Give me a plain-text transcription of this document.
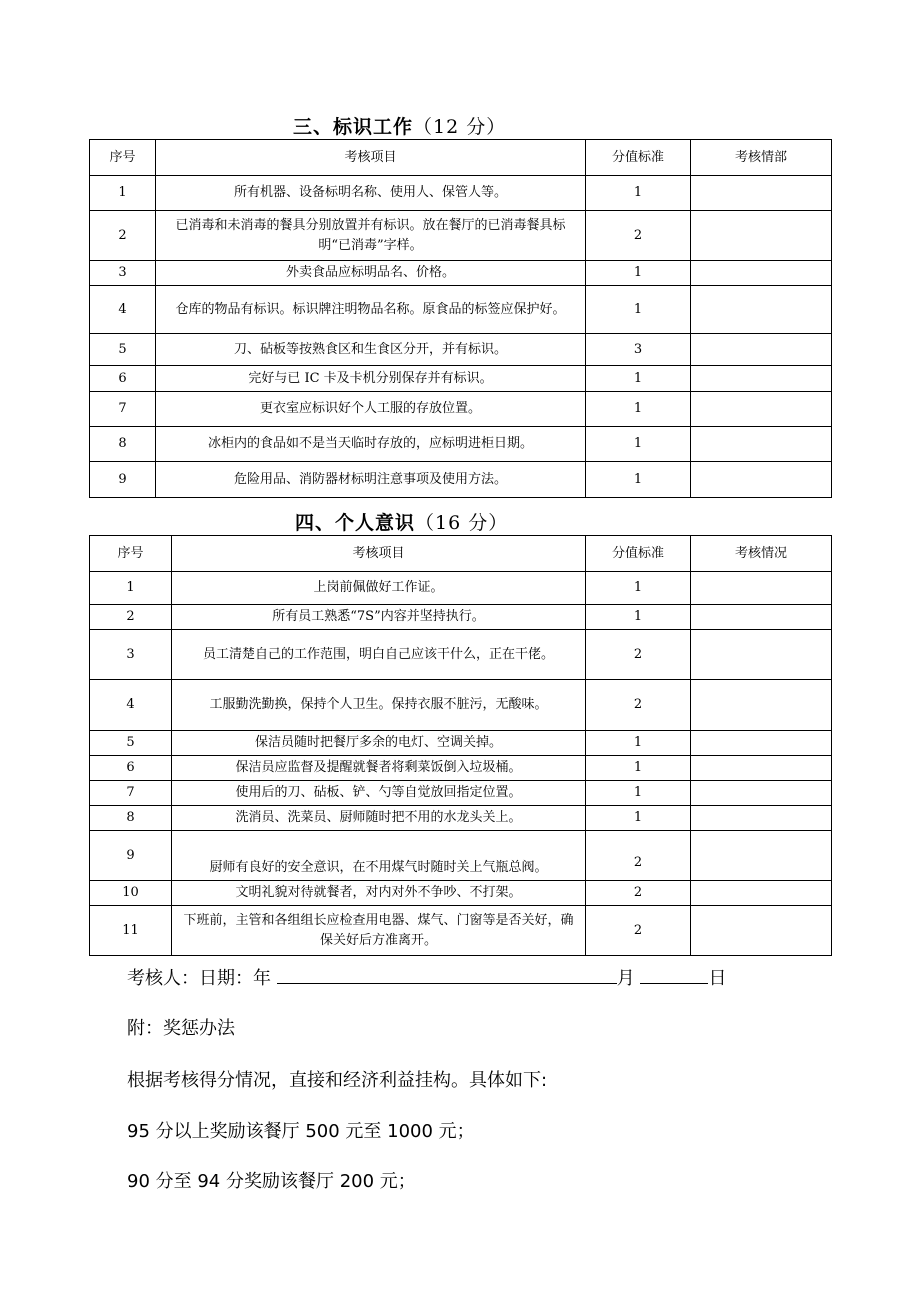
三、标识工作（12 分）
序号	考核项目	分值标准	考核情部
1	所有机器、设备标明名称、使用人、保管人等。	1	
2	已消毒和未消毒的餐具分别放置并有标识。放在餐厅的已消毒餐具标明“已消毒”字样。	2	
3	外卖食品应标明品名、价格。	1	
4	仓库的物品有标识。标识牌注明物品名称。原食品的标签应保护好。	1	
5	刀、砧板等按熟食区和生食区分开，并有标识。	3	
6	完好与已 IC 卡及卡机分别保存并有标识。	1	
7	更衣室应标识好个人工服的存放位置。	1	
8	冰柜内的食品如不是当天临时存放的，应标明进柜日期。	1	
9	危险用品、消防器材标明注意事项及使用方法。	1	
四、个人意识（16 分）
序号	考核项目	分值标准	考核情况
1	上岗前佩做好工作证。	1	
2	所有员工熟悉“7S”内容并坚持执行。	1	
3	员工清楚自己的工作范围，明白自己应该干什么，正在干佬。	2	
4	工服勤洗勤换，保持个人卫生。保持衣服不脏污，无酸味。	2	
5	保洁员随时把餐厅多余的电灯、空调关掉。	1	
6	保洁员应监督及提醒就餐者将剩菜饭倒入垃圾桶。	1	
7	使用后的刀、砧板、铲、勺等自觉放回指定位置。	1	
8	洗消员、洗菜员、厨师随时把不用的水龙头关上。	1	
9	厨师有良好的安全意识，在不用煤气时随时关上气瓶总阀。	2	
10	文明礼貌对待就餐者，对内对外不争吵、不打架。	2	
11	下班前，主管和各组组长应检查用电器、煤气、门窗等是否关好，确保关好后方准离开。	2	
考核人：日期：年	月	日
附：奖惩办法
根据考核得分情况，直接和经济利益挂构。具体如下:
95 分以上奖励该餐厅 500 元至 1000 元；
90 分至 94 分奖励该餐厅 200 元；
